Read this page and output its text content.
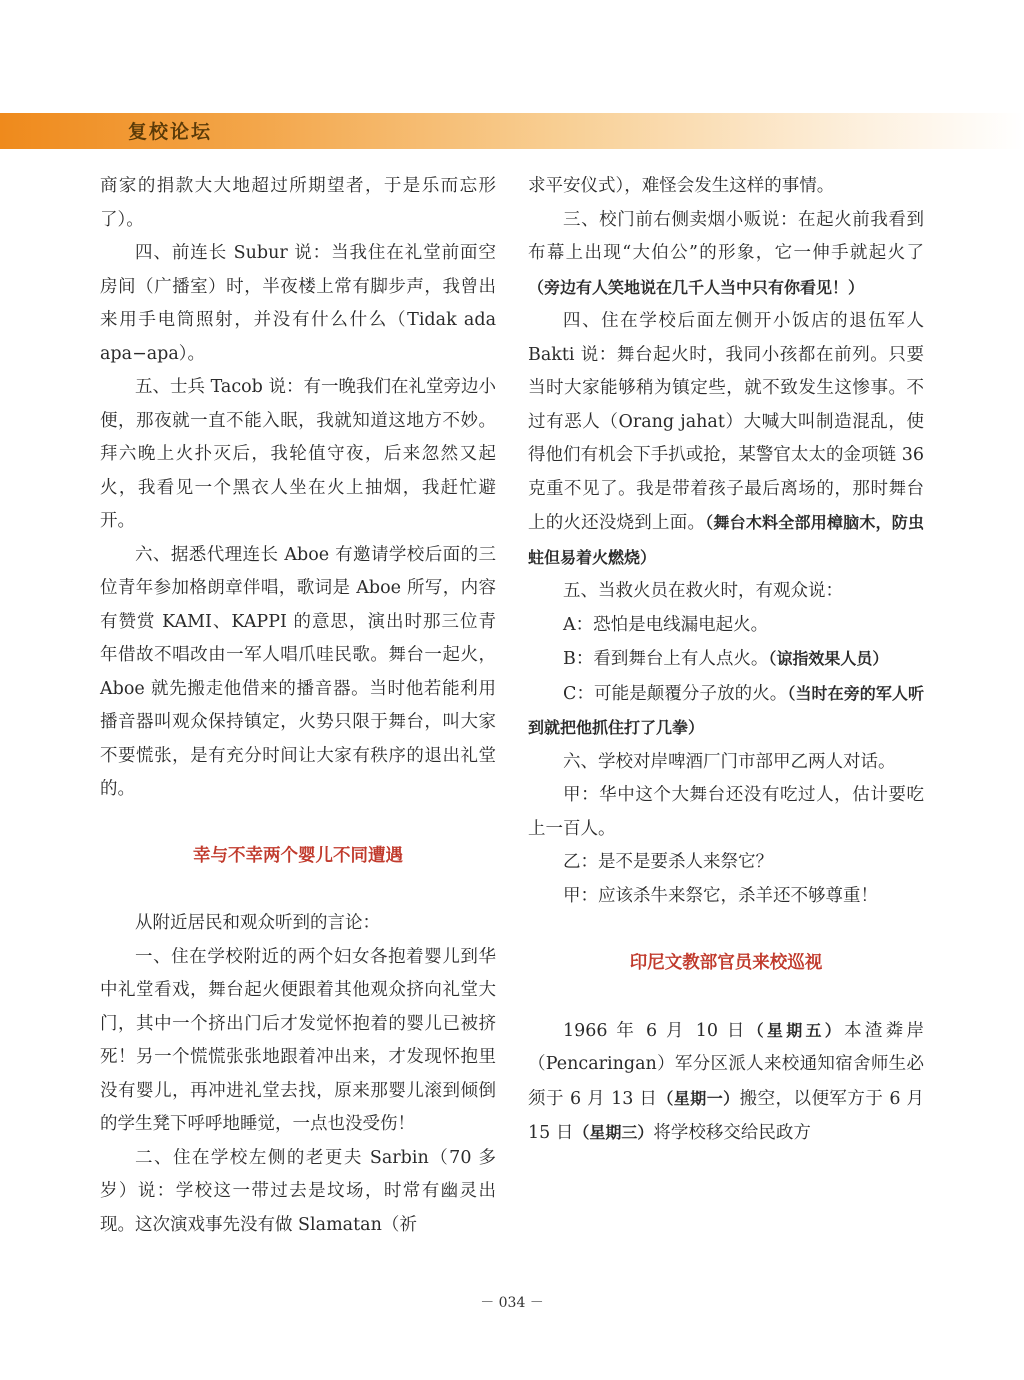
复校论坛

商家的捐款大大地超过所期望者，于是乐而忘形了）。

四、前连长 Subur 说：当我住在礼堂前面空房间（广播室）时，半夜楼上常有脚步声，我曾出来用手电筒照射，并没有什么什么（Tidak ada apa−apa）。

五、士兵 Tacob 说：有一晚我们在礼堂旁边小便，那夜就一直不能入眠，我就知道这地方不妙。拜六晚上火扑灭后，我轮值守夜，后来忽然又起火，我看见一个黑衣人坐在火上抽烟，我赶忙避开。

六、据悉代理连长 Aboe 有邀请学校后面的三位青年参加格朗章伴唱，歌词是 Aboe 所写，内容有赞赏 KAMI、KAPPI 的意思，演出时那三位青年借故不唱改由一军人唱爪哇民歌。舞台一起火，Aboe 就先搬走他借来的播音器。当时他若能利用播音器叫观众保持镇定，火势只限于舞台，叫大家不要慌张，是有充分时间让大家有秩序的退出礼堂的。

幸与不幸两个婴儿不同遭遇

从附近居民和观众听到的言论：

一、住在学校附近的两个妇女各抱着婴儿到华中礼堂看戏，舞台起火便跟着其他观众挤向礼堂大门，其中一个挤出门后才发觉怀抱着的婴儿已被挤死！另一个慌慌张张地跟着冲出来，才发现怀抱里没有婴儿，再冲进礼堂去找，原来那婴儿滚到倾倒的学生凳下呼呼地睡觉，一点也没受伤！

二、住在学校左侧的老更夫 Sarbin（70 多岁）说：学校这一带过去是坟场，时常有幽灵出现。这次演戏事先没有做 Slamatan（祈

求平安仪式），难怪会发生这样的事情。

三、校门前右侧卖烟小贩说：在起火前我看到布幕上出现“大伯公”的形象，它一伸手就起火了（旁边有人笑地说在几千人当中只有你看见！）

四、住在学校后面左侧开小饭店的退伍军人 Bakti 说：舞台起火时，我同小孩都在前列。只要当时大家能够稍为镇定些，就不致发生这惨事。不过有恶人（Orang jahat）大喊大叫制造混乱，使得他们有机会下手扒或抢，某警官太太的金项链 36 克重不见了。我是带着孩子最后离场的，那时舞台上的火还没烧到上面。（舞台木料全部用樟脑木，防虫蛀但易着火燃烧）

五、当救火员在救火时，有观众说：

A：恐怕是电线漏电起火。

B：看到舞台上有人点火。（谅指效果人员）

C：可能是颠覆分子放的火。（当时在旁的军人听到就把他抓住打了几拳）

六、学校对岸啤酒厂门市部甲乙两人对话。

甲：华中这个大舞台还没有吃过人，估计要吃上一百人。

乙：是不是要杀人来祭它？

甲：应该杀牛来祭它，杀羊还不够尊重！

印尼文教部官员来校巡视

1966 年 6 月 10 日（星期五）本渣粦岸（Pencaringan）军分区派人来校通知宿舍师生必须于 6 月 13 日（星期一）搬空，以便军方于 6 月 15 日（星期三）将学校移交给民政方

－ 034 －
